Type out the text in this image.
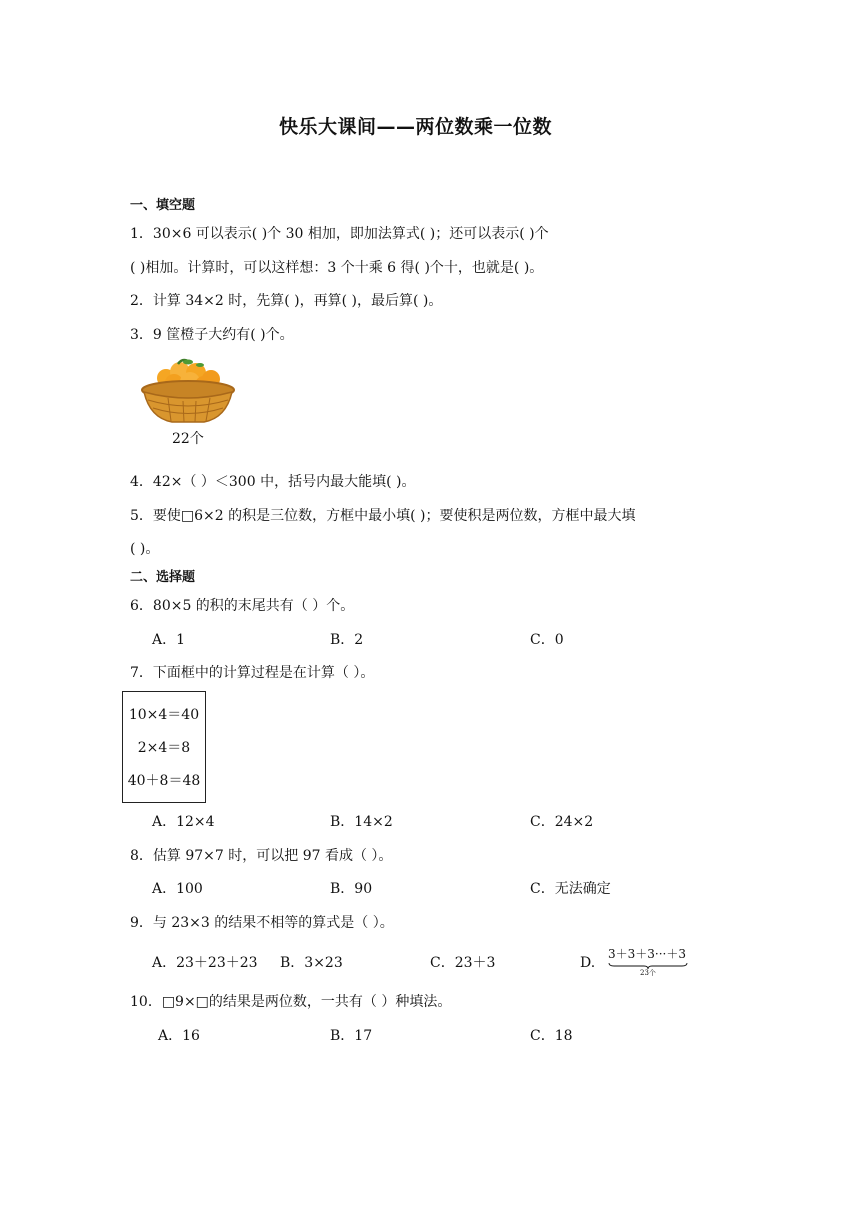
快乐大课间——两位数乘一位数
一、填空题
1．30×6 可以表示( )个 30 相加，即加法算式( )；还可以表示( )个
( )相加。计算时，可以这样想：3 个十乘 6 得( )个十，也就是( )。
2．计算 34×2 时，先算( )，再算( )，最后算( )。
3．9 筐橙子大约有( )个。
22个
4．42×（ ）＜300 中，括号内最大能填( )。
5．要使□6×2 的积是三位数，方框中最小填( )；要使积是两位数，方框中最大填
( )。
二、选择题
6．80×5 的积的末尾共有（ ）个。
A．1	B．2	C．0
7．下面框中的计算过程是在计算（ ）。
10×4＝40
2×4＝8
40＋8＝48
A．12×4	B．14×2	C．24×2
8．估算 97×7 时，可以把 97 看成（ ）。
A．100	B．90	C．无法确定
9．与 23×3 的结果不相等的算式是（ ）。
A．23＋23＋23 B．3×23	C．23＋3	D.
3＋3＋3···＋3
23个
10．□9×□的结果是两位数，一共有（ ）种填法。
A．16	B．17	C．18
